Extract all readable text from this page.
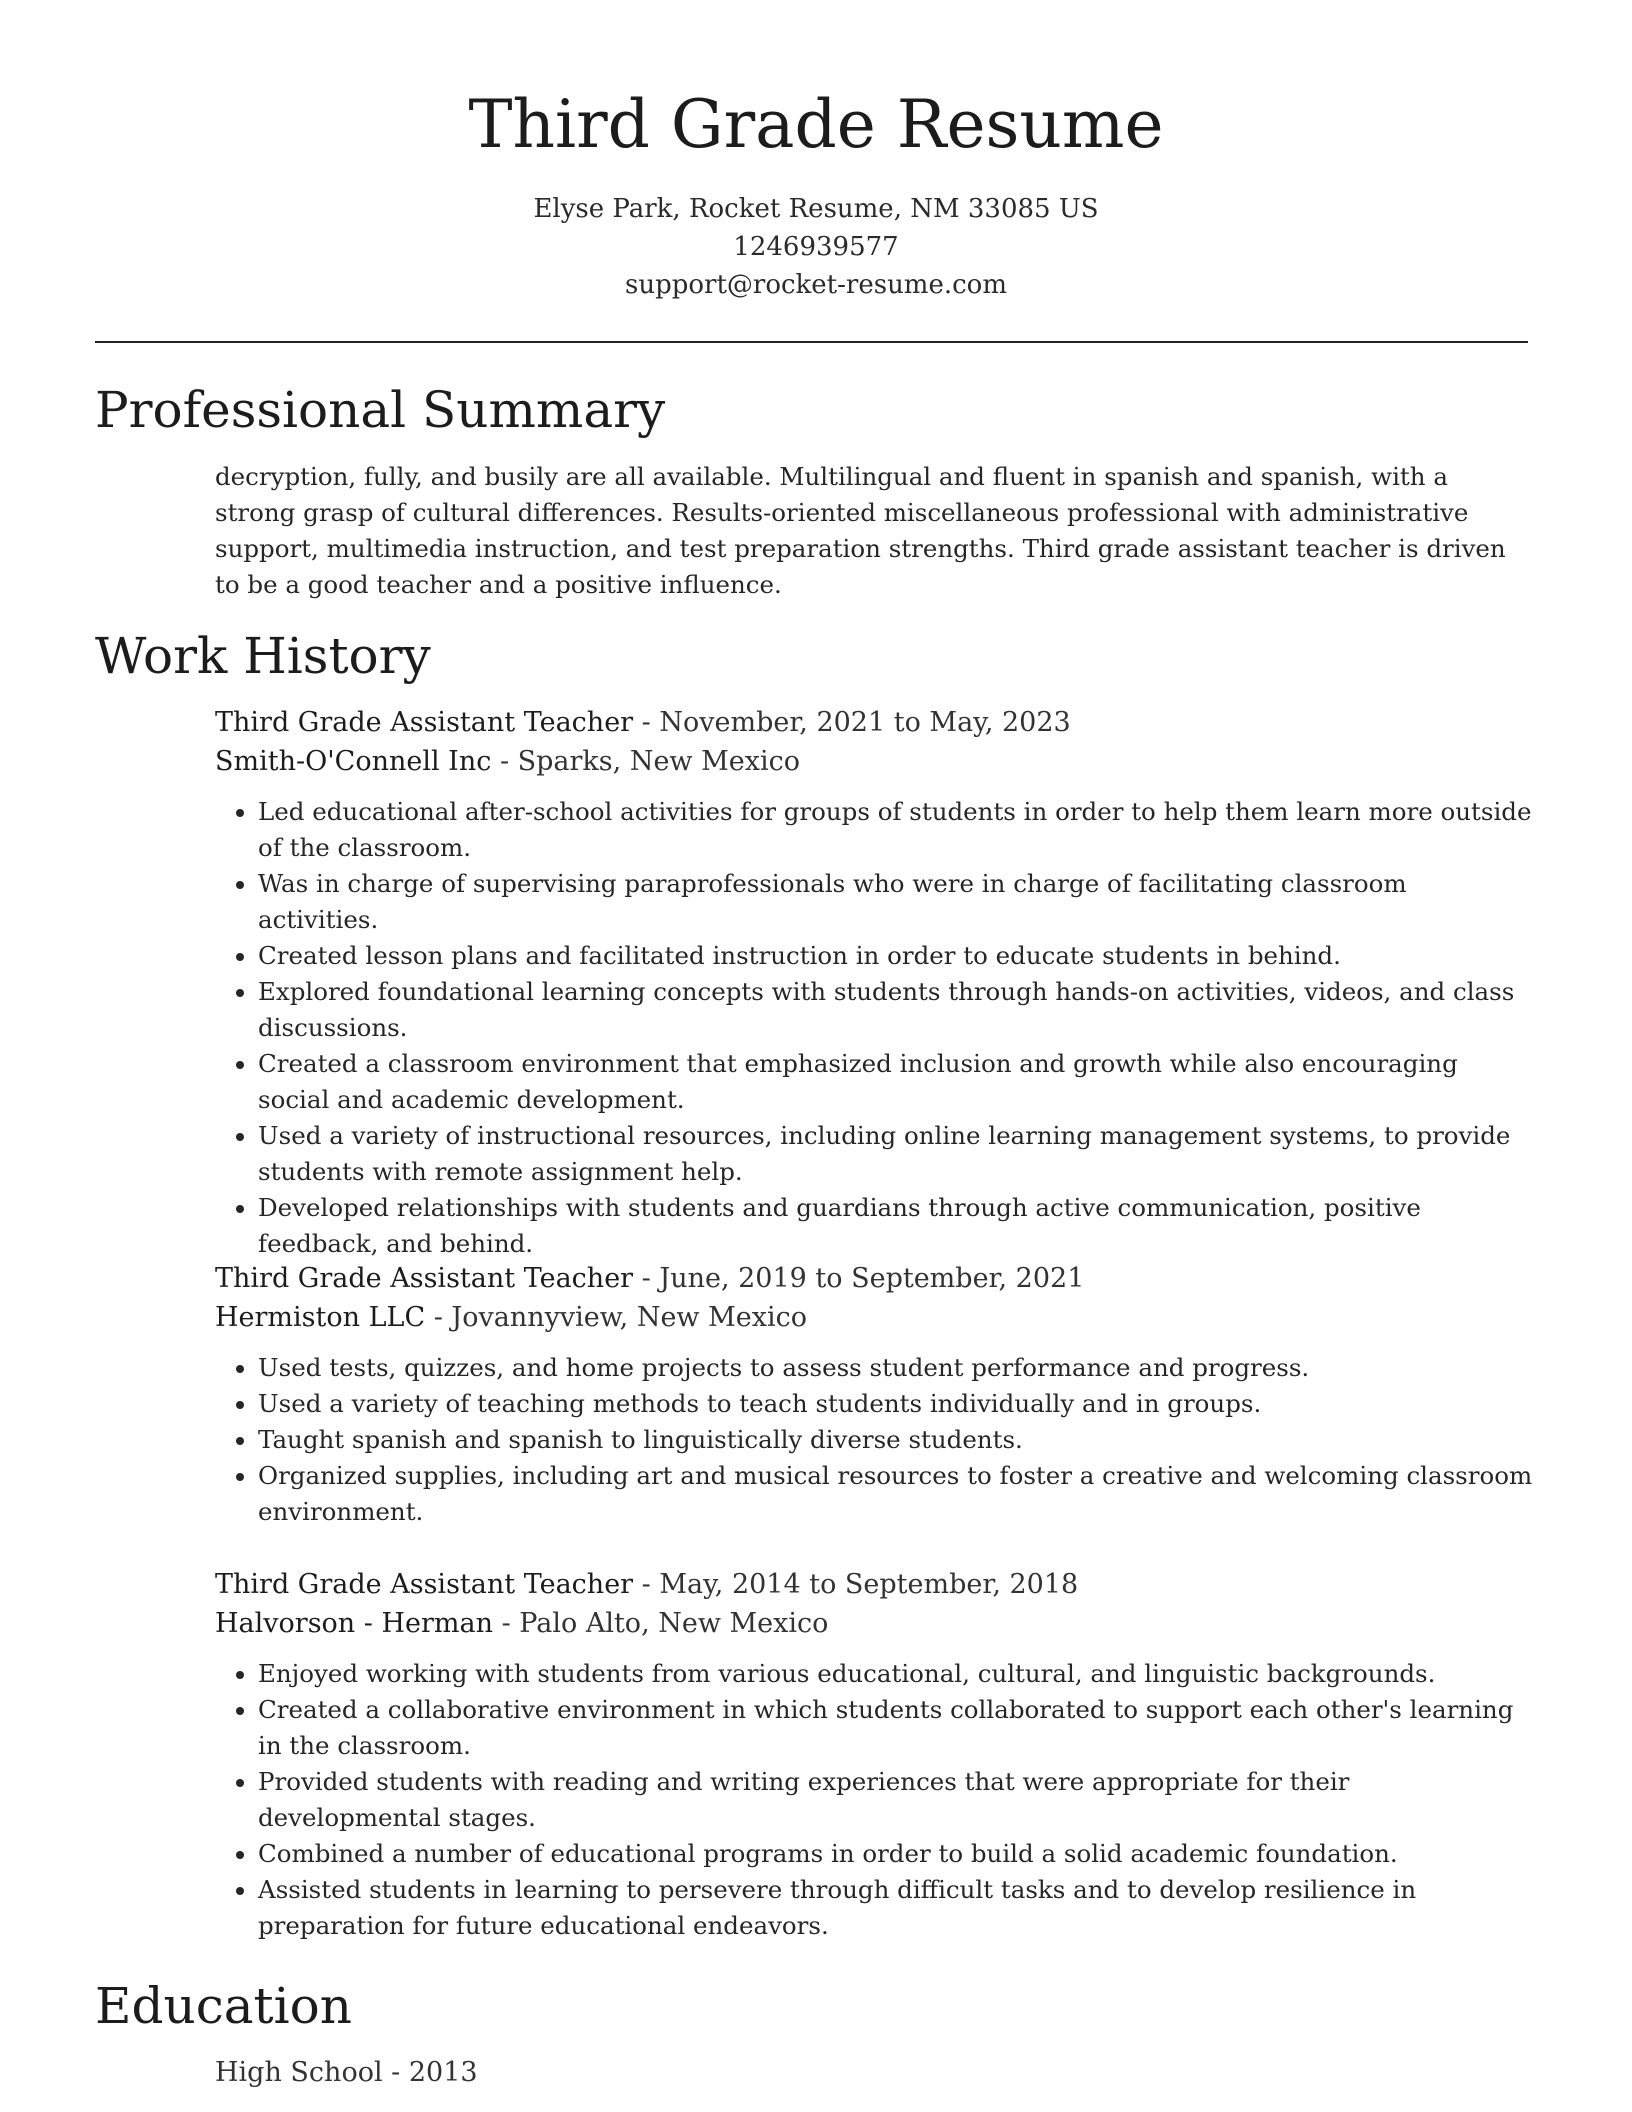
Third Grade Resume
Elyse Park, Rocket Resume, NM 33085 US
1246939577
support@rocket-resume.com
Professional Summary

decryption, fully, and busily are all available. Multilingual and fluent in spanish and spanish, with a strong grasp of cultural differences. Results-oriented miscellaneous professional with administrative support, multimedia instruction, and test preparation strengths. Third grade assistant teacher is driven to be a good teacher and a positive influence.

Work History
Third Grade Assistant Teacher - November, 2021 to May, 2023
Smith-O'Connell Inc - Sparks, New Mexico
• Led educational after-school activities for groups of students in order to help them learn more outside of the classroom.
• Was in charge of supervising paraprofessionals who were in charge of facilitating classroom activities.
• Created lesson plans and facilitated instruction in order to educate students in behind.
• Explored foundational learning concepts with students through hands-on activities, videos, and class discussions.
• Created a classroom environment that emphasized inclusion and growth while also encouraging social and academic development.
• Used a variety of instructional resources, including online learning management systems, to provide students with remote assignment help.
• Developed relationships with students and guardians through active communication, positive feedback, and behind.
Third Grade Assistant Teacher - June, 2019 to September, 2021
Hermiston LLC - Jovannyview, New Mexico
• Used tests, quizzes, and home projects to assess student performance and progress.
• Used a variety of teaching methods to teach students individually and in groups.
• Taught spanish and spanish to linguistically diverse students.
• Organized supplies, including art and musical resources to foster a creative and welcoming classroom environment.
Third Grade Assistant Teacher - May, 2014 to September, 2018
Halvorson - Herman - Palo Alto, New Mexico
• Enjoyed working with students from various educational, cultural, and linguistic backgrounds.
• Created a collaborative environment in which students collaborated to support each other's learning in the classroom.
• Provided students with reading and writing experiences that were appropriate for their developmental stages.
• Combined a number of educational programs in order to build a solid academic foundation.
• Assisted students in learning to persevere through difficult tasks and to develop resilience in preparation for future educational endeavors.
Education
High School - 2013
